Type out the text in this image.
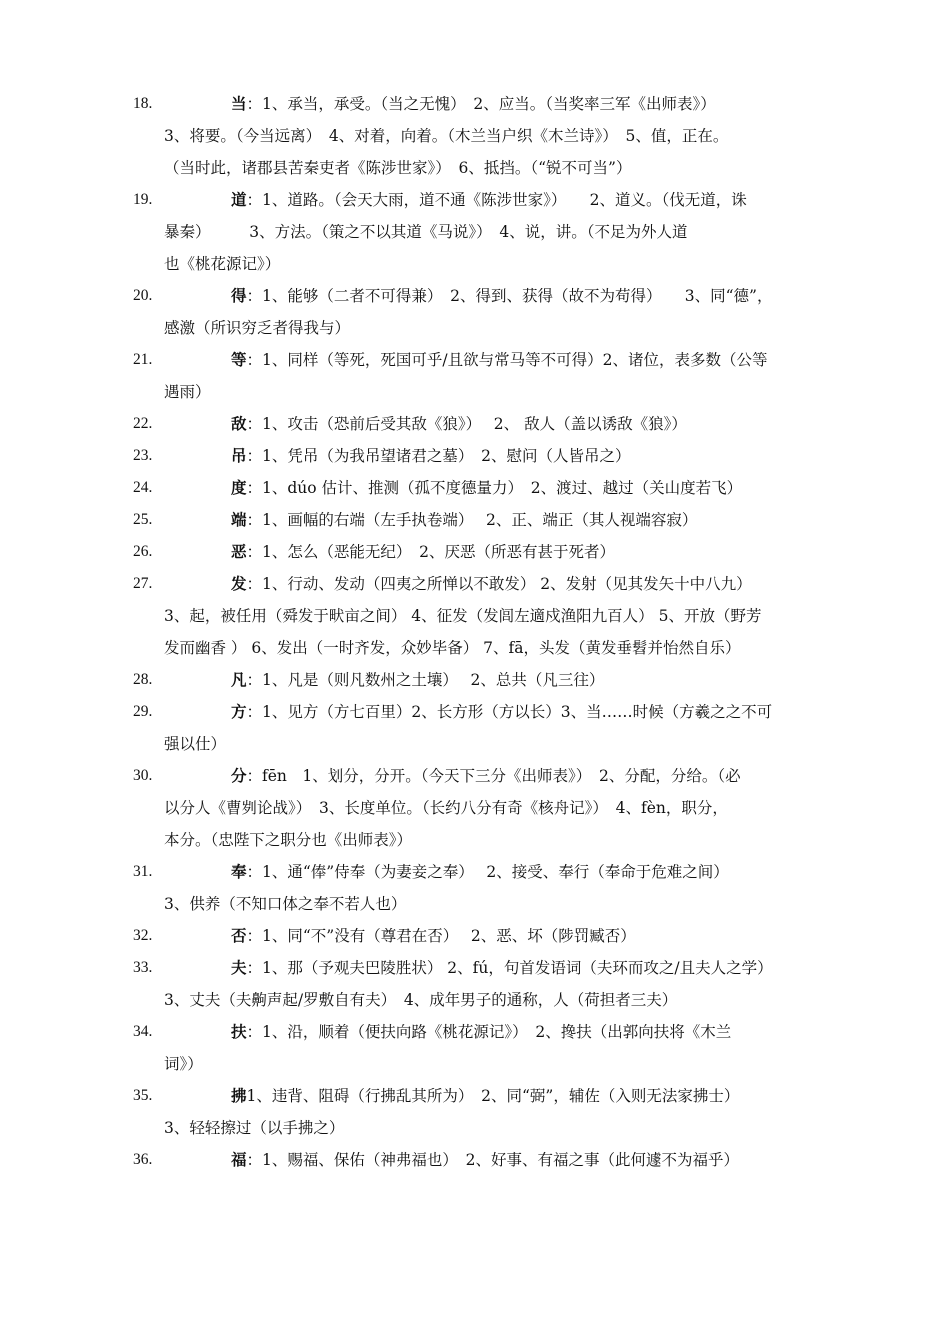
18.	当：1、承当，承受。（当之无愧）　2、应当。（当奖率三军《出师表》）
3、将要。（今当远离）　4、对着，向着。（木兰当户织《木兰诗》）　5、值，正在。
（当时此，诸郡县苦秦吏者《陈涉世家》）　6、抵挡。（“锐不可当”）
19.	道：1、道路。（会天大雨，道不通《陈涉世家》）　　2、道义。（伐无道，诛
暴秦）　　　3、方法。（策之不以其道《马说》）　4、说，讲。（不足为外人道
也《桃花源记》）
20.	得：1、能够（二者不可得兼）　2、得到、获得（故不为苟得）　　3、同“德”，
感激（所识穷乏者得我与）
21.	等：1、同样（等死，死国可乎/且欲与常马等不可得）2、诸位，表多数（公等
遇雨）
22.	敌：1、攻击（恐前后受其敌《狼》）　 2、 敌人（盖以诱敌《狼》）
23.	吊：1、凭吊（为我吊望诸君之墓）　2、慰问（人皆吊之）
24.	度：1、dúo 估计、推测（孤不度德量力）　2、渡过、越过（关山度若飞）
25.	端：1、画幅的右端（左手执卷端）　 2、正、端正（其人视端容寂）
26.	恶：1、怎么（恶能无纪）　2、厌恶（所恶有甚于死者）
27.	发：1、行动、发动（四夷之所惮以不敢发） 2、发射（见其发矢十中八九）
3、起，被任用（舜发于畎亩之间） 4、征发（发闾左適戍渔阳九百人） 5、开放（野芳
发而幽香 ） 6、发出（一时齐发，众妙毕备） 7、fā，头发（黄发垂髫并怡然自乐）
28.	凡：1、凡是（则凡数州之土壤）　 2、总共（凡三往）
29.	方：1、见方（方七百里）2、长方形（方以长）3、当……时候（方羲之之不可
强以仕）
30.	分：fēn　1、划分，分开。（今天下三分《出师表》）　2、分配，分给。（必
以分人《曹刿论战》）　3、长度单位。（长约八分有奇《核舟记》）　4、fèn，职分，
本分。（忠陛下之职分也《出师表》）
31.	奉：1、通“俸”侍奉（为妻妾之奉）　 2、接受、奉行（奉命于危难之间）
3、供养（不知口体之奉不若人也）
32.	否：1、同“不”没有（尊君在否）　 2、恶、坏（陟罚臧否）
33.	夫：1、那（予观夫巴陵胜状） 2、fú，句首发语词（夫环而攻之/且夫人之学）
3、丈夫（夫齁声起/罗敷自有夫）　4、成年男子的通称，人（荷担者三夫）
34.	扶：1、沿，顺着（便扶向路《桃花源记》）　2、搀扶（出郭向扶将《木兰
词》）
35.	拂1、违背、阻碍（行拂乱其所为）　2、同“弼”，辅佐（入则无法家拂士）
3、轻轻擦过（以手拂之）
36.	福：1、赐福、保佑（神弗福也）　2、好事、有福之事（此何遽不为福乎）
